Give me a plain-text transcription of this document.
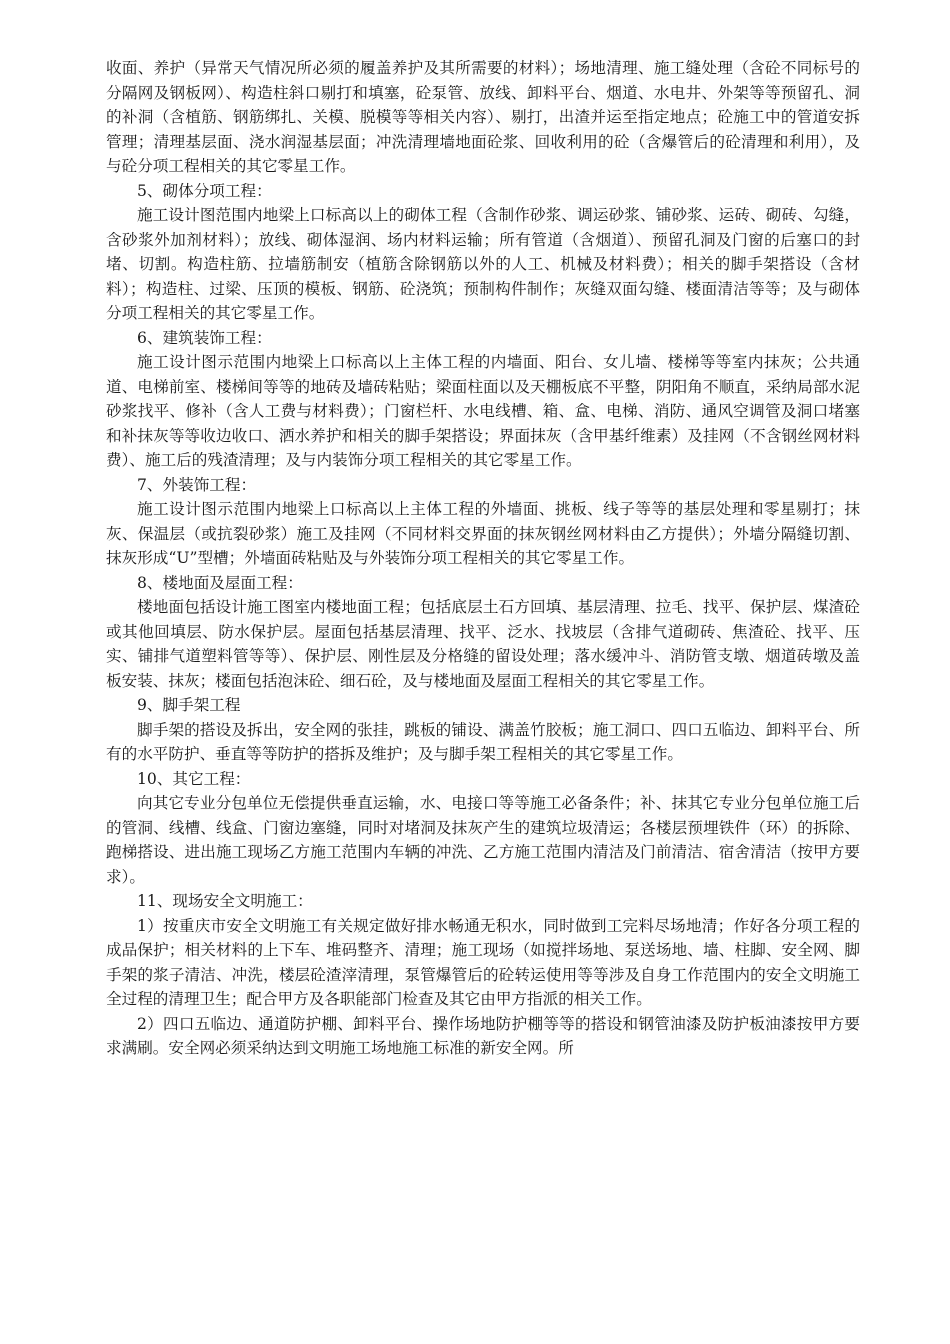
收面、养护（异常天气情况所必须的履盖养护及其所需要的材料）；场地清理、施工缝处理（含砼不同标号的分隔网及钢板网）、构造柱斜口剔打和填塞，砼泵管、放线、卸料平台、烟道、水电井、外架等等预留孔、洞的补洞（含植筋、钢筋绑扎、关模、脱模等等相关内容）、剔打，出渣并运至指定地点；砼施工中的管道安拆管理；清理基层面、浇水润湿基层面；冲洗清理墙地面砼浆、回收利用的砼（含爆管后的砼清理和利用），及与砼分项工程相关的其它零星工作。

5、砌体分项工程：

施工设计图范围内地梁上口标高以上的砌体工程（含制作砂浆、调运砂浆、铺砂浆、运砖、砌砖、勾缝，含砂浆外加剂材料）；放线、砌体湿润、场内材料运输；所有管道（含烟道）、预留孔洞及门窗的后塞口的封堵、切割。构造柱筋、拉墙筋制安（植筋含除钢筋以外的人工、机械及材料费）；相关的脚手架搭设（含材料）；构造柱、过梁、压顶的模板、钢筋、砼浇筑；预制构件制作；灰缝双面勾缝、楼面清洁等等；及与砌体分项工程相关的其它零星工作。

6、建筑装饰工程：

施工设计图示范围内地梁上口标高以上主体工程的内墙面、阳台、女儿墙、楼梯等等室内抹灰；公共通道、电梯前室、楼梯间等等的地砖及墙砖粘贴；梁面柱面以及天棚板底不平整，阴阳角不顺直，采纳局部水泥砂浆找平、修补（含人工费与材料费）；门窗栏杆、水电线槽、箱、盒、电梯、消防、通风空调管及洞口堵塞和补抹灰等等收边收口、洒水养护和相关的脚手架搭设；界面抹灰（含甲基纤维素）及挂网（不含钢丝网材料费）、施工后的残渣清理；及与内装饰分项工程相关的其它零星工作。

7、外装饰工程：

施工设计图示范围内地梁上口标高以上主体工程的外墙面、挑板、线子等等的基层处理和零星剔打；抹灰、保温层（或抗裂砂浆）施工及挂网（不同材料交界面的抹灰钢丝网材料由乙方提供）；外墙分隔缝切割、抹灰形成“U”型槽；外墙面砖粘贴及与外装饰分项工程相关的其它零星工作。

8、楼地面及屋面工程：

楼地面包括设计施工图室内楼地面工程；包括底层土石方回填、基层清理、拉毛、找平、保护层、煤渣砼或其他回填层、防水保护层。屋面包括基层清理、找平、泛水、找坡层（含排气道砌砖、焦渣砼、找平、压实、铺排气道塑料管等等）、保护层、刚性层及分格缝的留设处理；落水缓冲斗、消防管支墩、烟道砖墩及盖板安装、抹灰；楼面包括泡沫砼、细石砼，及与楼地面及屋面工程相关的其它零星工作。

9、脚手架工程

脚手架的搭设及拆出，安全网的张挂，跳板的铺设、满盖竹胶板；施工洞口、四口五临边、卸料平台、所有的水平防护、垂直等等防护的搭拆及维护；及与脚手架工程相关的其它零星工作。

10、其它工程：

向其它专业分包单位无偿提供垂直运输，水、电接口等等施工必备条件；补、抹其它专业分包单位施工后的管洞、线槽、线盒、门窗边塞缝，同时对堵洞及抹灰产生的建筑垃圾清运；各楼层预埋铁件（环）的拆除、跑梯搭设、进出施工现场乙方施工范围内车辆的冲洗、乙方施工范围内清洁及门前清洁、宿舍清洁（按甲方要求）。

11、现场安全文明施工：

1）按重庆市安全文明施工有关规定做好排水畅通无积水，同时做到工完料尽场地清；作好各分项工程的成品保护；相关材料的上下车、堆码整齐、清理；施工现场（如搅拌场地、泵送场地、墙、柱脚、安全网、脚手架的浆子清洁、冲洗，楼层砼渣滓清理，泵管爆管后的砼转运使用等等涉及自身工作范围内的安全文明施工全过程的清理卫生；配合甲方及各职能部门检查及其它由甲方指派的相关工作。

2）四口五临边、通道防护棚、卸料平台、操作场地防护棚等等的搭设和钢管油漆及防护板油漆按甲方要求满刷。安全网必须采纳达到文明施工场地施工标准的新安全网。所
